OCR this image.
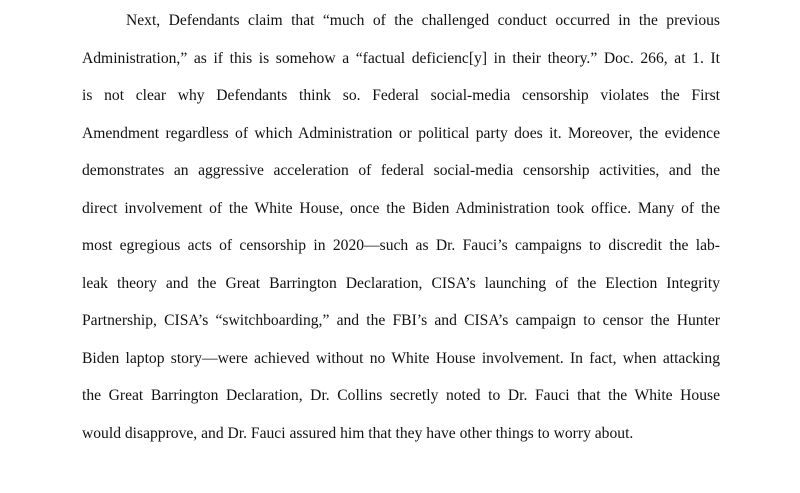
Next, Defendants claim that “much of the challenged conduct occurred in the previous
Administration,” as if this is somehow a “factual deficienc[y] in their theory.” Doc. 266, at 1. It
is not clear why Defendants think so. Federal social-media censorship violates the First
Amendment regardless of which Administration or political party does it. Moreover, the evidence
demonstrates an aggressive acceleration of federal social-media censorship activities, and the
direct involvement of the White House, once the Biden Administration took office. Many of the
most egregious acts of censorship in 2020—such as Dr. Fauci’s campaigns to discredit the lab-
leak theory and the Great Barrington Declaration, CISA’s launching of the Election Integrity
Partnership, CISA’s “switchboarding,” and the FBI’s and CISA’s campaign to censor the Hunter
Biden laptop story—were achieved without no White House involvement. In fact, when attacking
the Great Barrington Declaration, Dr. Collins secretly noted to Dr. Fauci that the White House
would disapprove, and Dr. Fauci assured him that they have other things to worry about.
